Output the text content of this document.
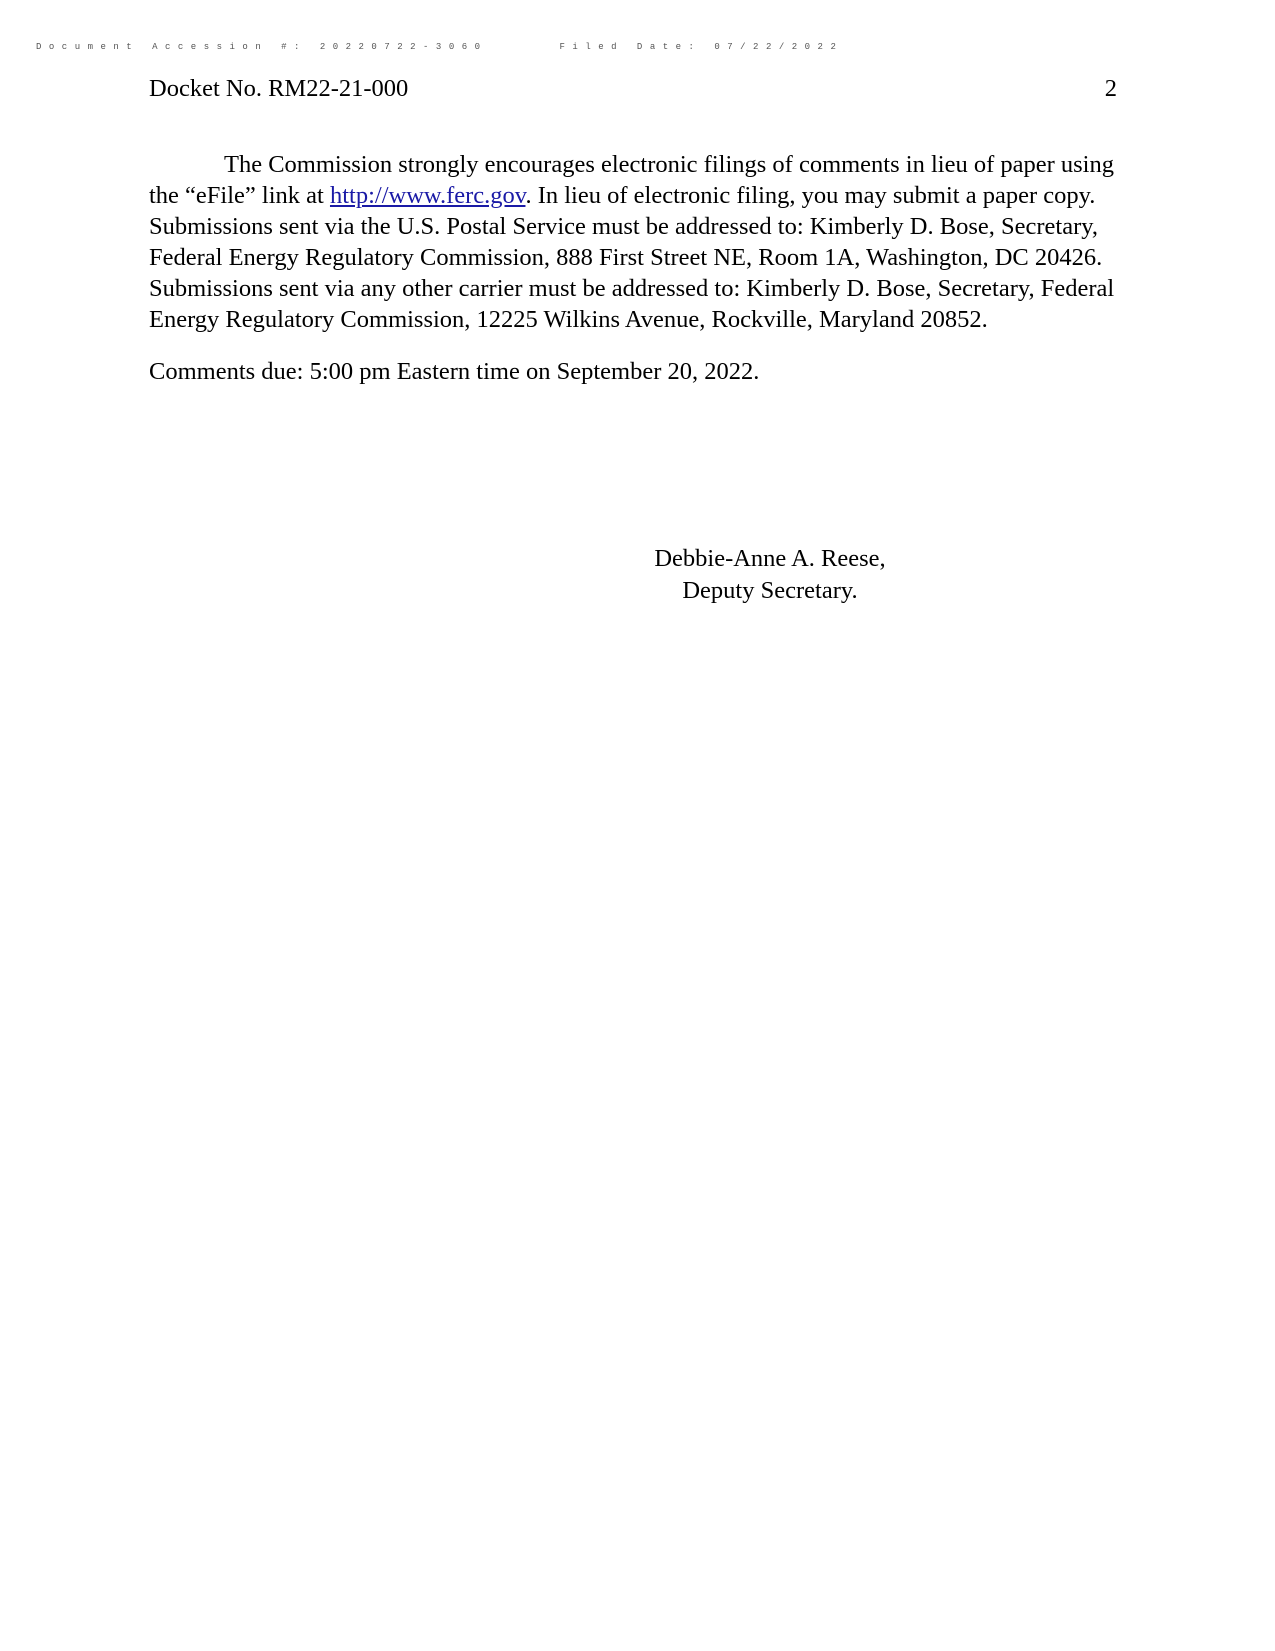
Document Accession #: 20220722-3060	Filed Date: 07/22/2022
Docket No. RM22-21-000	2

The Commission strongly encourages electronic filings of comments in lieu of paper using the “eFile” link at http://www.ferc.gov. In lieu of electronic filing, you may submit a paper copy. Submissions sent via the U.S. Postal Service must be addressed to: Kimberly D. Bose, Secretary, Federal Energy Regulatory Commission, 888 First Street NE, Room 1A, Washington, DC 20426. Submissions sent via any other carrier must be addressed to: Kimberly D. Bose, Secretary, Federal Energy Regulatory Commission, 12225 Wilkins Avenue, Rockville, Maryland 20852.

Comments due: 5:00 pm Eastern time on September 20, 2022.

Debbie-Anne A. Reese,
Deputy Secretary.
